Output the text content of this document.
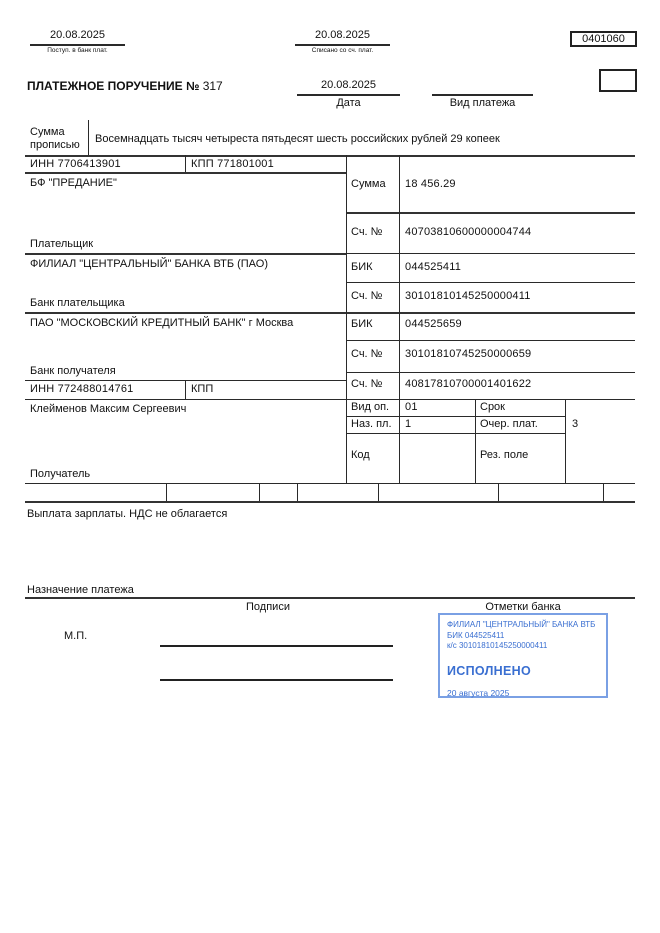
20.08.2025
Поступ. в банк плат.
20.08.2025
Списано со сч. плат.
0401060
ПЛАТЕЖНОЕ ПОРУЧЕНИЕ № 317	20.08.2025
Дата	Вид платежа
Сумма прописью	Восемнадцать тысяч четыреста пятьдесят шесть российских рублей 29 копеек
ИНН 7706413901	КПП 771801001
БФ "ПРЕДАНИЕ"
Плательщик
Сумма 18 456.29
Сч. № 40703810600000004744
ФИЛИАЛ "ЦЕНТРАЛЬНЫЙ" БАНКА ВТБ (ПАО)
Банк плательщика
БИК	044525411
Сч. № 30101810145250000411
ПАО "МОСКОВСКИЙ КРЕДИТНЫЙ БАНК" г Москва
Банк получателя
БИК	044525659
Сч. № 30101810745250000659
ИНН 772488014761	КПП
Клейменов Максим Сергеевич
Получатель
Сч. № 40817810700001401622
Вид оп. 01	Срок
Наз. пл. 1	Очер. плат.	3
Код	Рез. поле
Выплата зарплаты. НДС не облагается
Назначение платежа
Подписи	Отметки банка
М.П.
ФИЛИАЛ "ЦЕНТРАЛЬНЫЙ" БАНКА ВТБ
БИК 044525411
к/с 30101810145250000411
ИСПОЛНЕНО
20 августа 2025
